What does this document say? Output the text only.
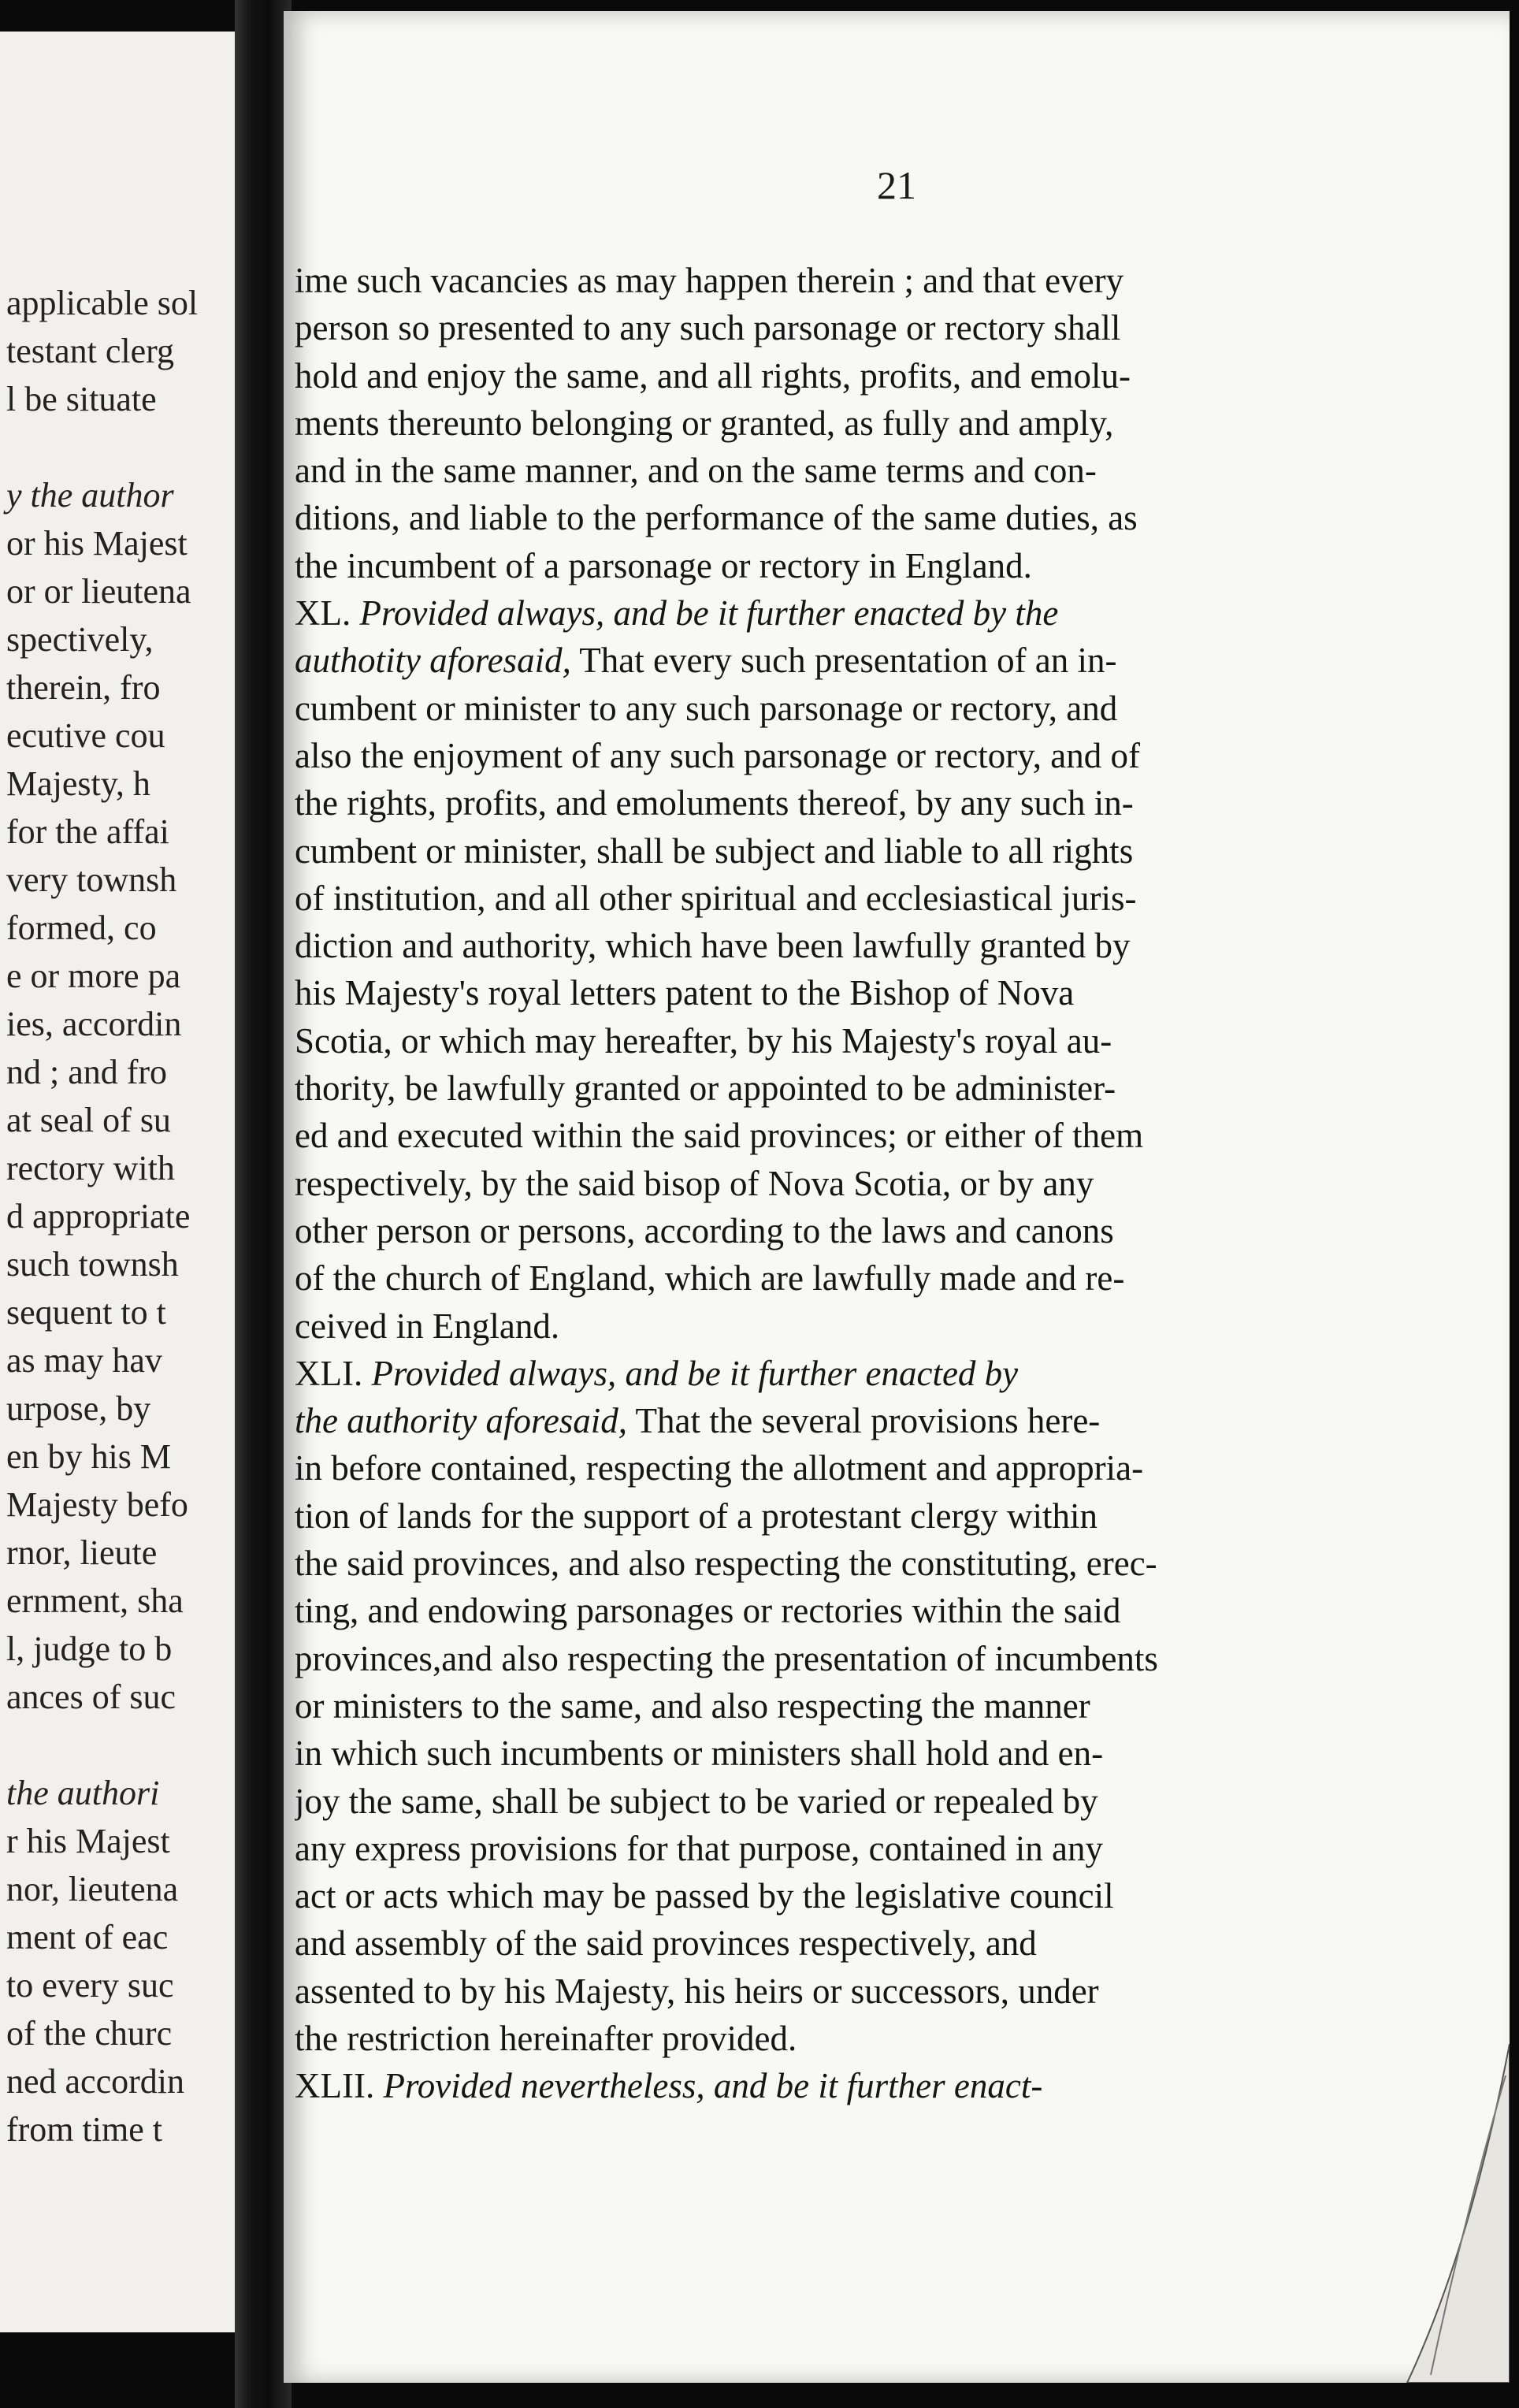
applicable sol
testant clerg
l be situate
y the author
or his Majest
or or lieutena
spectively,
therein, fro
ecutive cou
Majesty, h
for the affai
very townsh
formed, co
e or more pa
ies, accordin
nd ; and fro
at seal of su
rectory with
d appropriate
such townsh
sequent to t
as may hav
urpose, by
en by his M
Majesty befo
rnor, lieute
ernment, sha
l, judge to b
ances of suc
the authori
r his Majest
nor, lieutena
ment of eac
to every suc
of the churc
ned accordin
from time t
21
ime such vacancies as may happen therein ; and that every
person so presented to any such parsonage or rectory shall
hold and enjoy the same, and all rights, profits, and emolu-
ments thereunto belonging or granted, as fully and amply,
and in the same manner, and on the same terms and con-
ditions, and liable to the performance of the same duties, as
the incumbent of a parsonage or rectory in England.
XL. Provided always, and be it further enacted by the
authotity aforesaid, That every such presentation of an in-
cumbent or minister to any such parsonage or rectory, and
also the enjoyment of any such parsonage or rectory, and of
the rights, profits, and emoluments thereof, by any such in-
cumbent or minister, shall be subject and liable to all rights
of institution, and all other spiritual and ecclesiastical juris-
diction and authority, which have been lawfully granted by
his Majesty's royal letters patent to the Bishop of Nova
Scotia, or which may hereafter, by his Majesty's royal au-
thority, be lawfully granted or appointed to be administer-
ed and executed within the said provinces; or either of them
respectively, by the said bisop of Nova Scotia, or by any
other person or persons, according to the laws and canons
of the church of England, which are lawfully made and re-
ceived in England.
XLI. Provided always, and be it further enacted by
the authority aforesaid, That the several provisions here-
in before contained, respecting the allotment and appropria-
tion of lands for the support of a protestant clergy within
the said provinces, and also respecting the constituting, erec-
ting, and endowing parsonages or rectories within the said
provinces,and also respecting the presentation of incumbents
or ministers to the same, and also respecting the manner
in which such incumbents or ministers shall hold and en-
joy the same, shall be subject to be varied or repealed by
any express provisions for that purpose, contained in any
act or acts which may be passed by the legislative council
and assembly of the said provinces respectively, and
assented to by his Majesty, his heirs or successors, under
the restriction hereinafter provided.
XLII. Provided nevertheless, and be it further enact-
